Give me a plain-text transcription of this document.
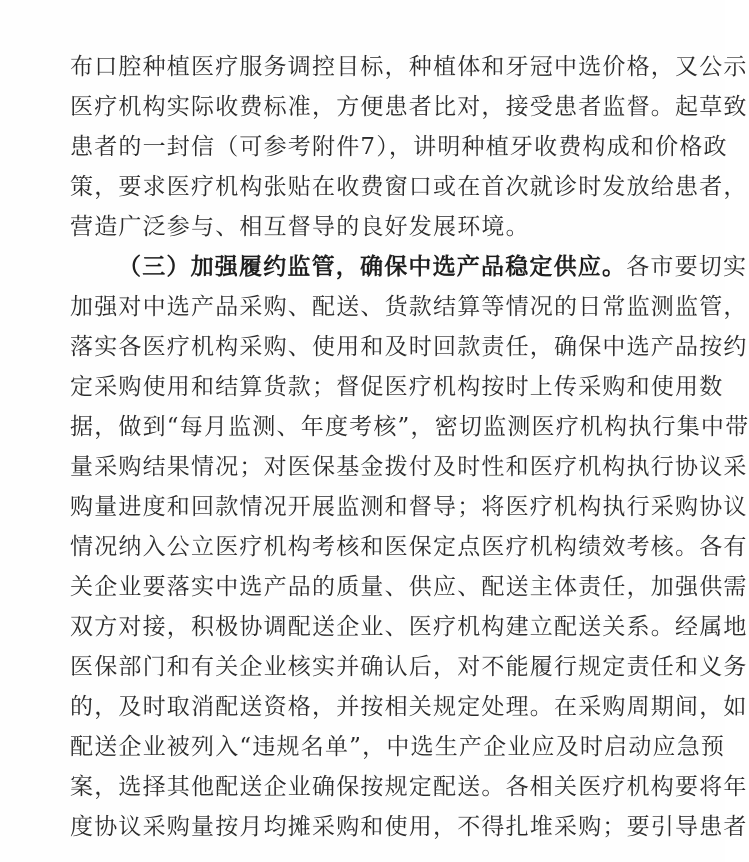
布口腔种植医疗服务调控目标，种植体和牙冠中选价格，又公示
医疗机构实际收费标准，方便患者比对，接受患者监督。起草致
患者的一封信（可参考附件7），讲明种植牙收费构成和价格政
策，要求医疗机构张贴在收费窗口或在首次就诊时发放给患者，
营造广泛参与、相互督导的良好发展环境。
（三）加强履约监管，确保中选产品稳定供应。各市要切实
加强对中选产品采购、配送、货款结算等情况的日常监测监管，
落实各医疗机构采购、使用和及时回款责任，确保中选产品按约
定采购使用和结算货款；督促医疗机构按时上传采购和使用数
据，做到“每月监测、年度考核”，密切监测医疗机构执行集中带
量采购结果情况；对医保基金拨付及时性和医疗机构执行协议采
购量进度和回款情况开展监测和督导；将医疗机构执行采购协议
情况纳入公立医疗机构考核和医保定点医疗机构绩效考核。各有
关企业要落实中选产品的质量、供应、配送主体责任，加强供需
双方对接，积极协调配送企业、医疗机构建立配送关系。经属地
医保部门和有关企业核实并确认后，对不能履行规定责任和义务
的，及时取消配送资格，并按相关规定处理。在采购周期间，如
配送企业被列入“违规名单”，中选生产企业应及时启动应急预
案，选择其他配送企业确保按规定配送。各相关医疗机构要将年
度协议采购量按月均摊采购和使用，不得扎堆采购；要引导患者
